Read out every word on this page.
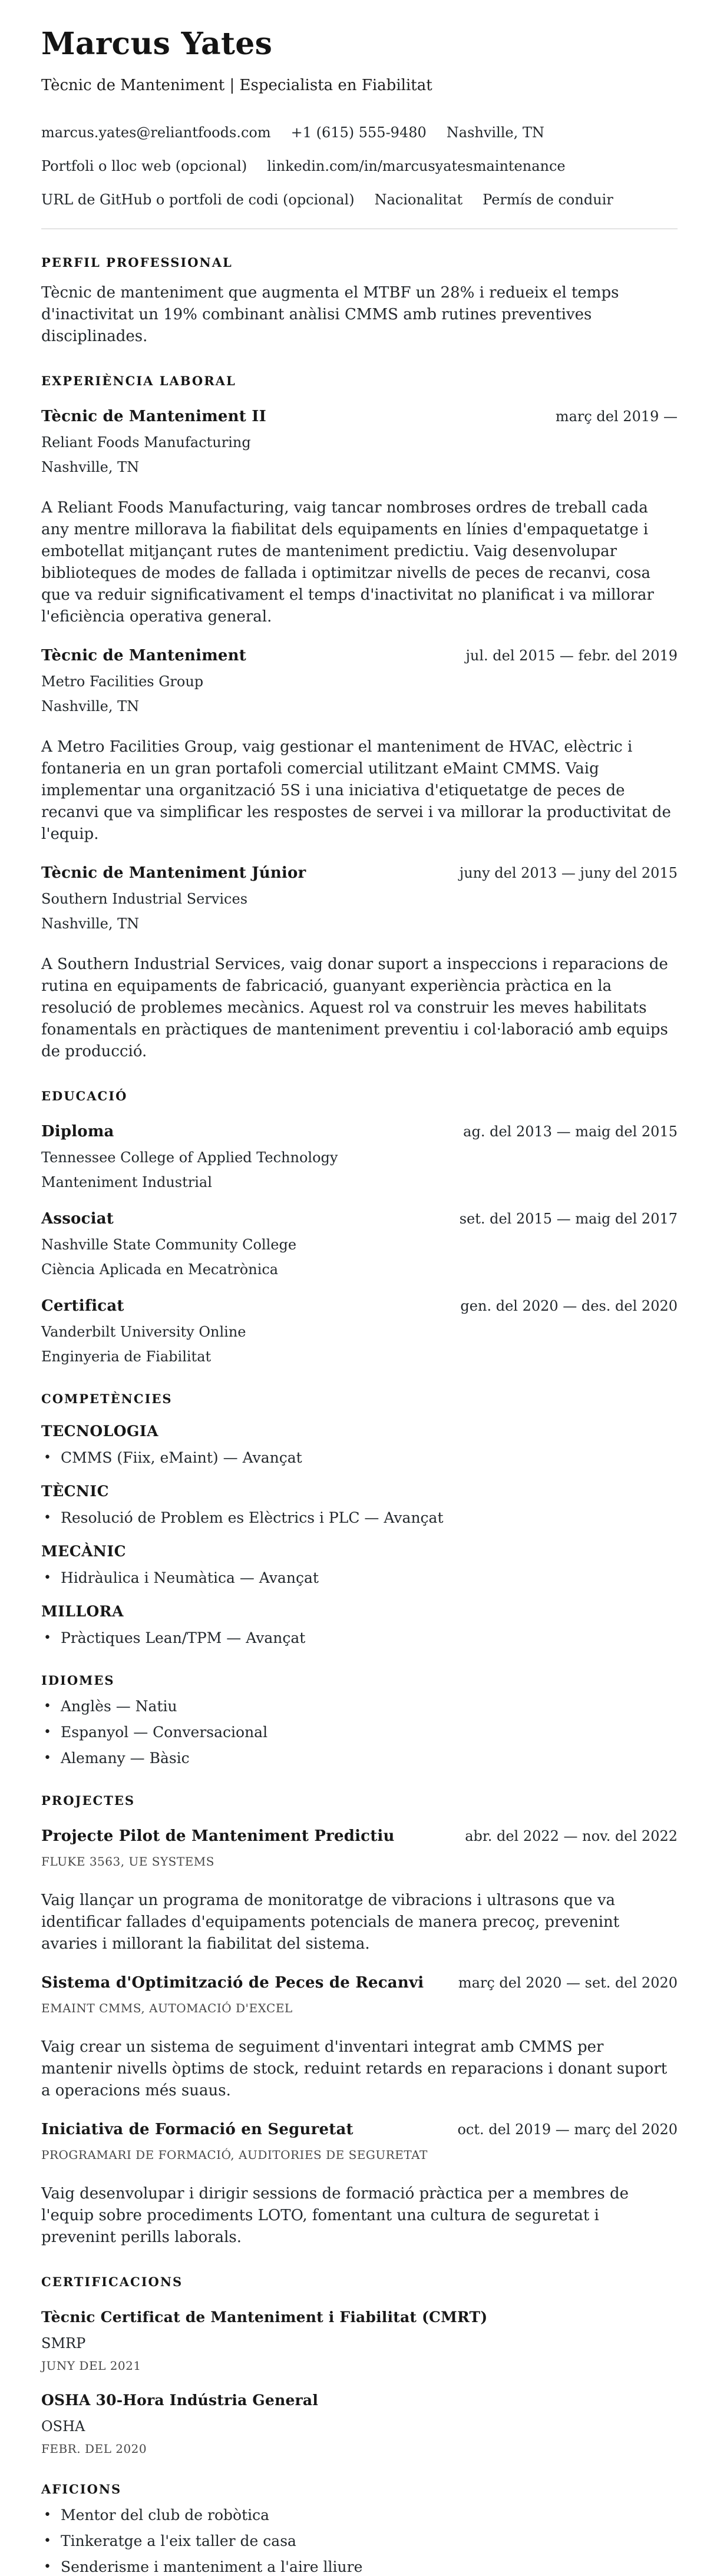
Marcus Yates
Tècnic de Manteniment | Especialista en Fiabilitat
marcus.yates@reliantfoods.com +1 (615) 555-9480 Nashville, TN
Portfoli o lloc web (opcional) linkedin.com/in/marcusyatesmaintenance
URL de GitHub o portfoli de codi (opcional) Nacionalitat Permís de conduir
PERFIL PROFESSIONAL

Tècnic de manteniment que augmenta el MTBF un 28% i redueix el temps d'inactivitat un 19% combinant anàlisi CMMS amb rutines preventives disciplinades.

EXPERIÈNCIA LABORAL
Tècnic de Manteniment II	març del 2019 —
Reliant Foods Manufacturing
Nashville, TN

A Reliant Foods Manufacturing, vaig tancar nombroses ordres de treball cada any mentre millorava la fiabilitat dels equipaments en línies d'empaquetatge i embotellat mitjançant rutes de manteniment predictiu. Vaig desenvolupar biblioteques de modes de fallada i optimitzar nivells de peces de recanvi, cosa que va reduir significativament el temps d'inactivitat no planificat i va millorar l'eficiència operativa general.

Tècnic de Manteniment	jul. del 2015 — febr. del 2019
Metro Facilities Group
Nashville, TN

A Metro Facilities Group, vaig gestionar el manteniment de HVAC, elèctric i fontaneria en un gran portafoli comercial utilitzant eMaint CMMS. Vaig implementar una organització 5S i una iniciativa d'etiquetatge de peces de recanvi que va simplificar les respostes de servei i va millorar la productivitat de l'equip.

Tècnic de Manteniment Júnior	juny del 2013 — juny del 2015
Southern Industrial Services
Nashville, TN

A Southern Industrial Services, vaig donar suport a inspeccions i reparacions de rutina en equipaments de fabricació, guanyant experiència pràctica en la resolució de problemes mecànics. Aquest rol va construir les meves habilitats fonamentals en pràctiques de manteniment preventiu i col·laboració amb equips de producció.

EDUCACIÓ
Diploma	ag. del 2013 — maig del 2015
Tennessee College of Applied Technology
Manteniment Industrial
Associat	set. del 2015 — maig del 2017
Nashville State Community College
Ciència Aplicada en Mecatrònica
Certificat	gen. del 2020 — des. del 2020
Vanderbilt University Online
Enginyeria de Fiabilitat
COMPETÈNCIES
TECNOLOGIA
• CMMS (Fiix, eMaint) — Avançat
TÈCNIC
• Resolució de Problem es Elèctrics i PLC — Avançat
MECÀNIC
• Hidràulica i Neumàtica — Avançat
MILLORA
• Pràctiques Lean/TPM — Avançat
IDIOMES
• Anglès — Natiu
• Espanyol — Conversacional
• Alemany — Bàsic
PROJECTES
Projecte Pilot de Manteniment Predictiu	abr. del 2022 — nov. del 2022
FLUKE 3563, UE SYSTEMS

Vaig llançar un programa de monitoratge de vibracions i ultrasons que va identificar fallades d'equipaments potencials de manera precoç, prevenint avaries i millorant la fiabilitat del sistema.

Sistema d'Optimització de Peces de Recanvi	març del 2020 — set. del 2020
EMAINT CMMS, AUTOMACIÓ D'EXCEL

Vaig crear un sistema de seguiment d'inventari integrat amb CMMS per mantenir nivells òptims de stock, reduint retards en reparacions i donant suport a operacions més suaus.

Iniciativa de Formació en Seguretat	oct. del 2019 — març del 2020
PROGRAMARI DE FORMACIÓ, AUDITORIES DE SEGURETAT

Vaig desenvolupar i dirigir sessions de formació pràctica per a membres de l'equip sobre procediments LOTO, fomentant una cultura de seguretat i prevenint perills laborals.

CERTIFICACIONS
Tècnic Certificat de Manteniment i Fiabilitat (CMRT)
SMRP
JUNY DEL 2021
OSHA 30-Hora Indústria General
OSHA
FEBR. DEL 2020
AFICIONS
• Mentor del club de robòtica
• Tinkeratge a l'eix taller de casa
• Senderisme i manteniment a l'aire lliure
